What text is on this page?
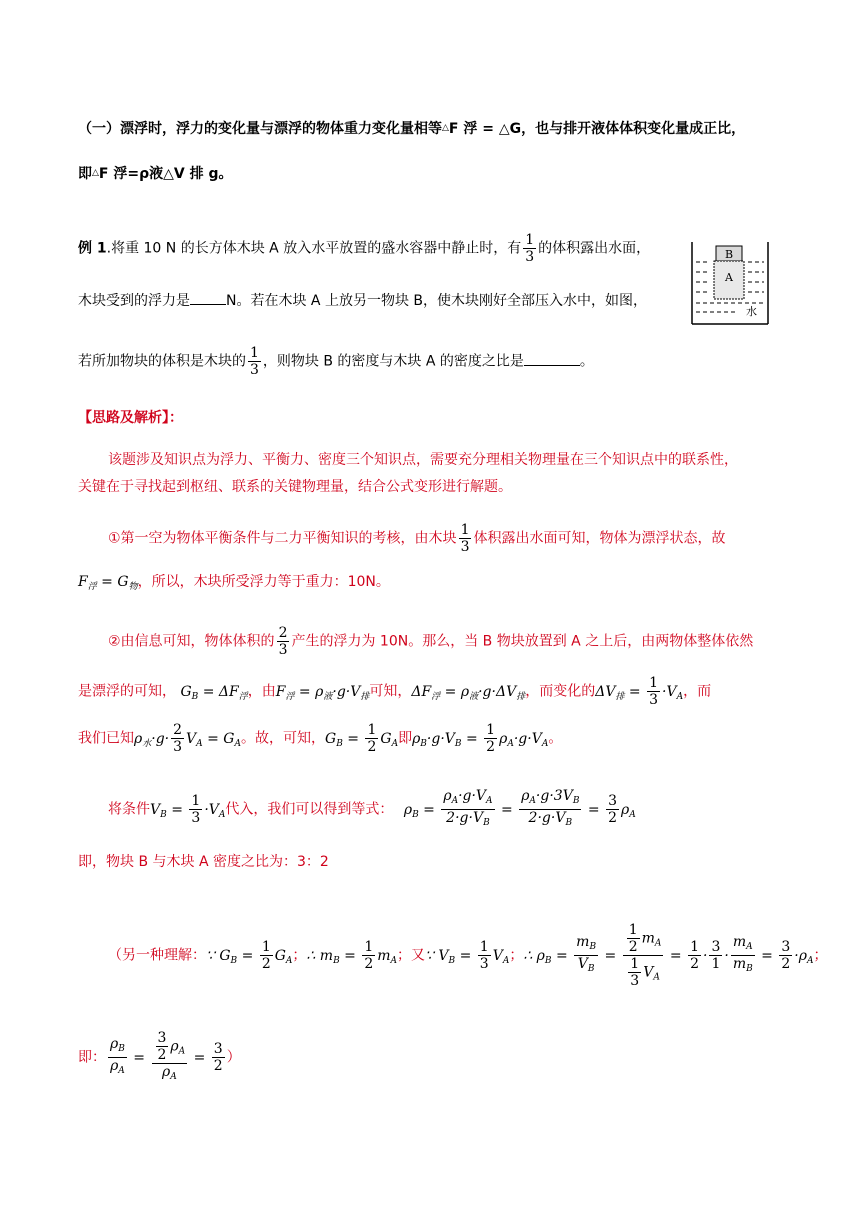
（一）漂浮时，浮力的变化量与漂浮的物体重力变化量相等△F 浮 = △G，也与排开液体体积变化量成正比，
即△F 浮=ρ液△V 排 g。
例 1.将重 10 N 的长方体木块 A 放入水平放置的盛水容器中静止时，有 $\frac{1}{3}$ 的体积露出水面，
木块受到的浮力是	N。若在木块 A 上放另一物块 B，使木块刚好全部压入水中，如图，
若所加物块的体积是木块的 $\frac{1}{3}$ ，则物块 B 的密度与木块 A 的密度之比是	。
B
A
水
【思路及解析】：
该题涉及知识点为浮力、平衡力、密度三个知识点，需要充分理相关物理量在三个知识点中的联系性，
关键在于寻找起到枢纽、联系的关键物理量，结合公式变形进行解题。
①第一空为物体平衡条件与二力平衡知识的考核，由木块 $\frac{1}{3}$ 体积露出水面可知，物体为漂浮状态，故
$F_浮 = G_物$，所以，木块所受浮力等于重力：10N。
②由信息可知，物体体积的 $\frac{2}{3}$ 产生的浮力为 10N。那么，当 B 物块放置到 A 之上后，由两物体整体依然
是漂浮的可知， $G_B = \Delta F_浮$，由$F_浮 = \rho_液\cdot g\cdot V_排$可知，$\Delta F_浮 = \rho_液\cdot g\cdot\Delta V_排$，而变化的$\Delta V_排 = \frac{1}{3} \cdot V_A$，而
我们已知$\rho_水\cdot g\cdot \frac{2}{3} V_A = G_A$。故，可知，$G_B = \frac{1}{2} G_A$即$\rho_B\cdot g\cdot V_B = \frac{1}{2} \rho_A\cdot g\cdot V_A$。
将条件$V_B = \frac{1}{3} \cdot V_A$代入，我们可以得到等式： $\rho_B = \frac{\rho_A\cdot g\cdot V_A}{2\cdot g\cdot V_B} = \frac{\rho_A\cdot g\cdot 3V_B}{2\cdot g\cdot V_B} = \frac{3}{2} \rho_A$
即，物块 B 与木块 A 密度之比为：3：2
（另一种理解：∵ $G_B = \frac{1}{2} G_A$；∴ $m_B = \frac{1}{2} m_A$；又∵ $V_B = \frac{1}{3} V_A$；∴ $\rho_B = \frac{m_B}{V_B} = \frac{\frac{1}{2} m_A}{\frac{1}{3} V_A} = \frac{1}{2} \cdot \frac{3}{1} \cdot \frac{m_A}{m_B} = \frac{3}{2} \cdot\rho_A$；
即： $\frac{\rho_B}{\rho_A} = \frac{\frac{3}{2} \rho_A}{\rho_A} = \frac{3}{2}$ ）
